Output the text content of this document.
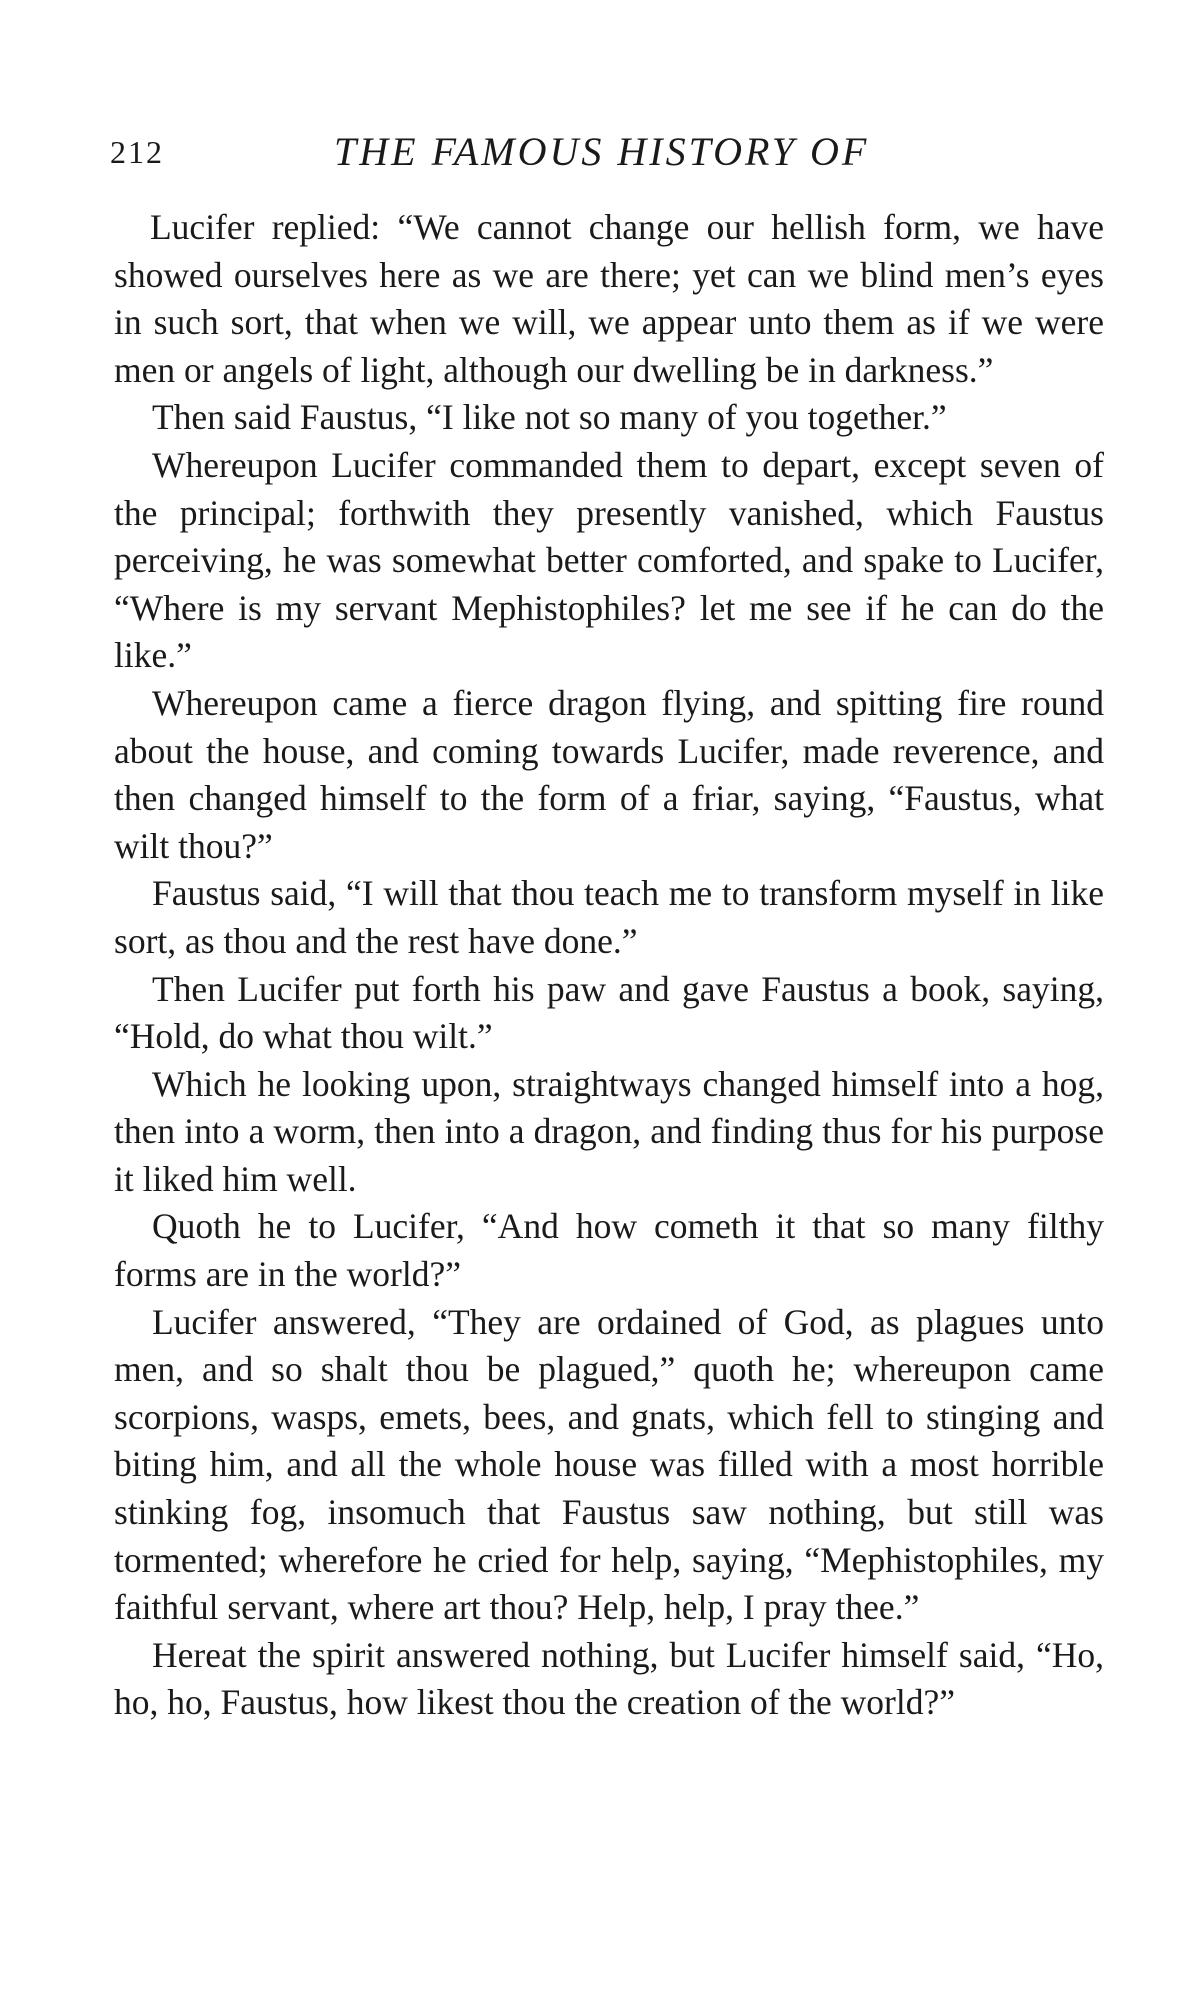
212	THE FAMOUS HISTORY OF

Lucifer replied: “We cannot change our hellish form, we have showed ourselves here as we are there; yet can we blind men’s eyes in such sort, that when we will, we appear unto them as if we were men or angels of light, although our dwelling be in darkness.”

Then said Faustus, “I like not so many of you together.”

Whereupon Lucifer commanded them to depart, except seven of the principal; forthwith they presently vanished, which Faustus perceiving, he was somewhat better comforted, and spake to Lucifer, “Where is my servant Mephistophiles? let me see if he can do the like.”

Whereupon came a fierce dragon flying, and spitting fire round about the house, and coming towards Lucifer, made reverence, and then changed himself to the form of a friar, saying, “Faustus, what wilt thou?”

Faustus said, “I will that thou teach me to transform myself in like sort, as thou and the rest have done.”

Then Lucifer put forth his paw and gave Faustus a book, saying, “Hold, do what thou wilt.”

Which he looking upon, straightways changed himself into a hog, then into a worm, then into a dragon, and finding thus for his purpose it liked him well.

Quoth he to Lucifer, “And how cometh it that so many filthy forms are in the world?”

Lucifer answered, “They are ordained of God, as plagues unto men, and so shalt thou be plagued,” quoth he; whereupon came scorpions, wasps, emets, bees, and gnats, which fell to stinging and biting him, and all the whole house was filled with a most horrible stinking fog, insomuch that Faustus saw nothing, but still was tormented; wherefore he cried for help, saying, “Mephistophiles, my faithful servant, where art thou? Help, help, I pray thee.”

Hereat the spirit answered nothing, but Lucifer himself said, “Ho, ho, ho, Faustus, how likest thou the creation of the world?”
